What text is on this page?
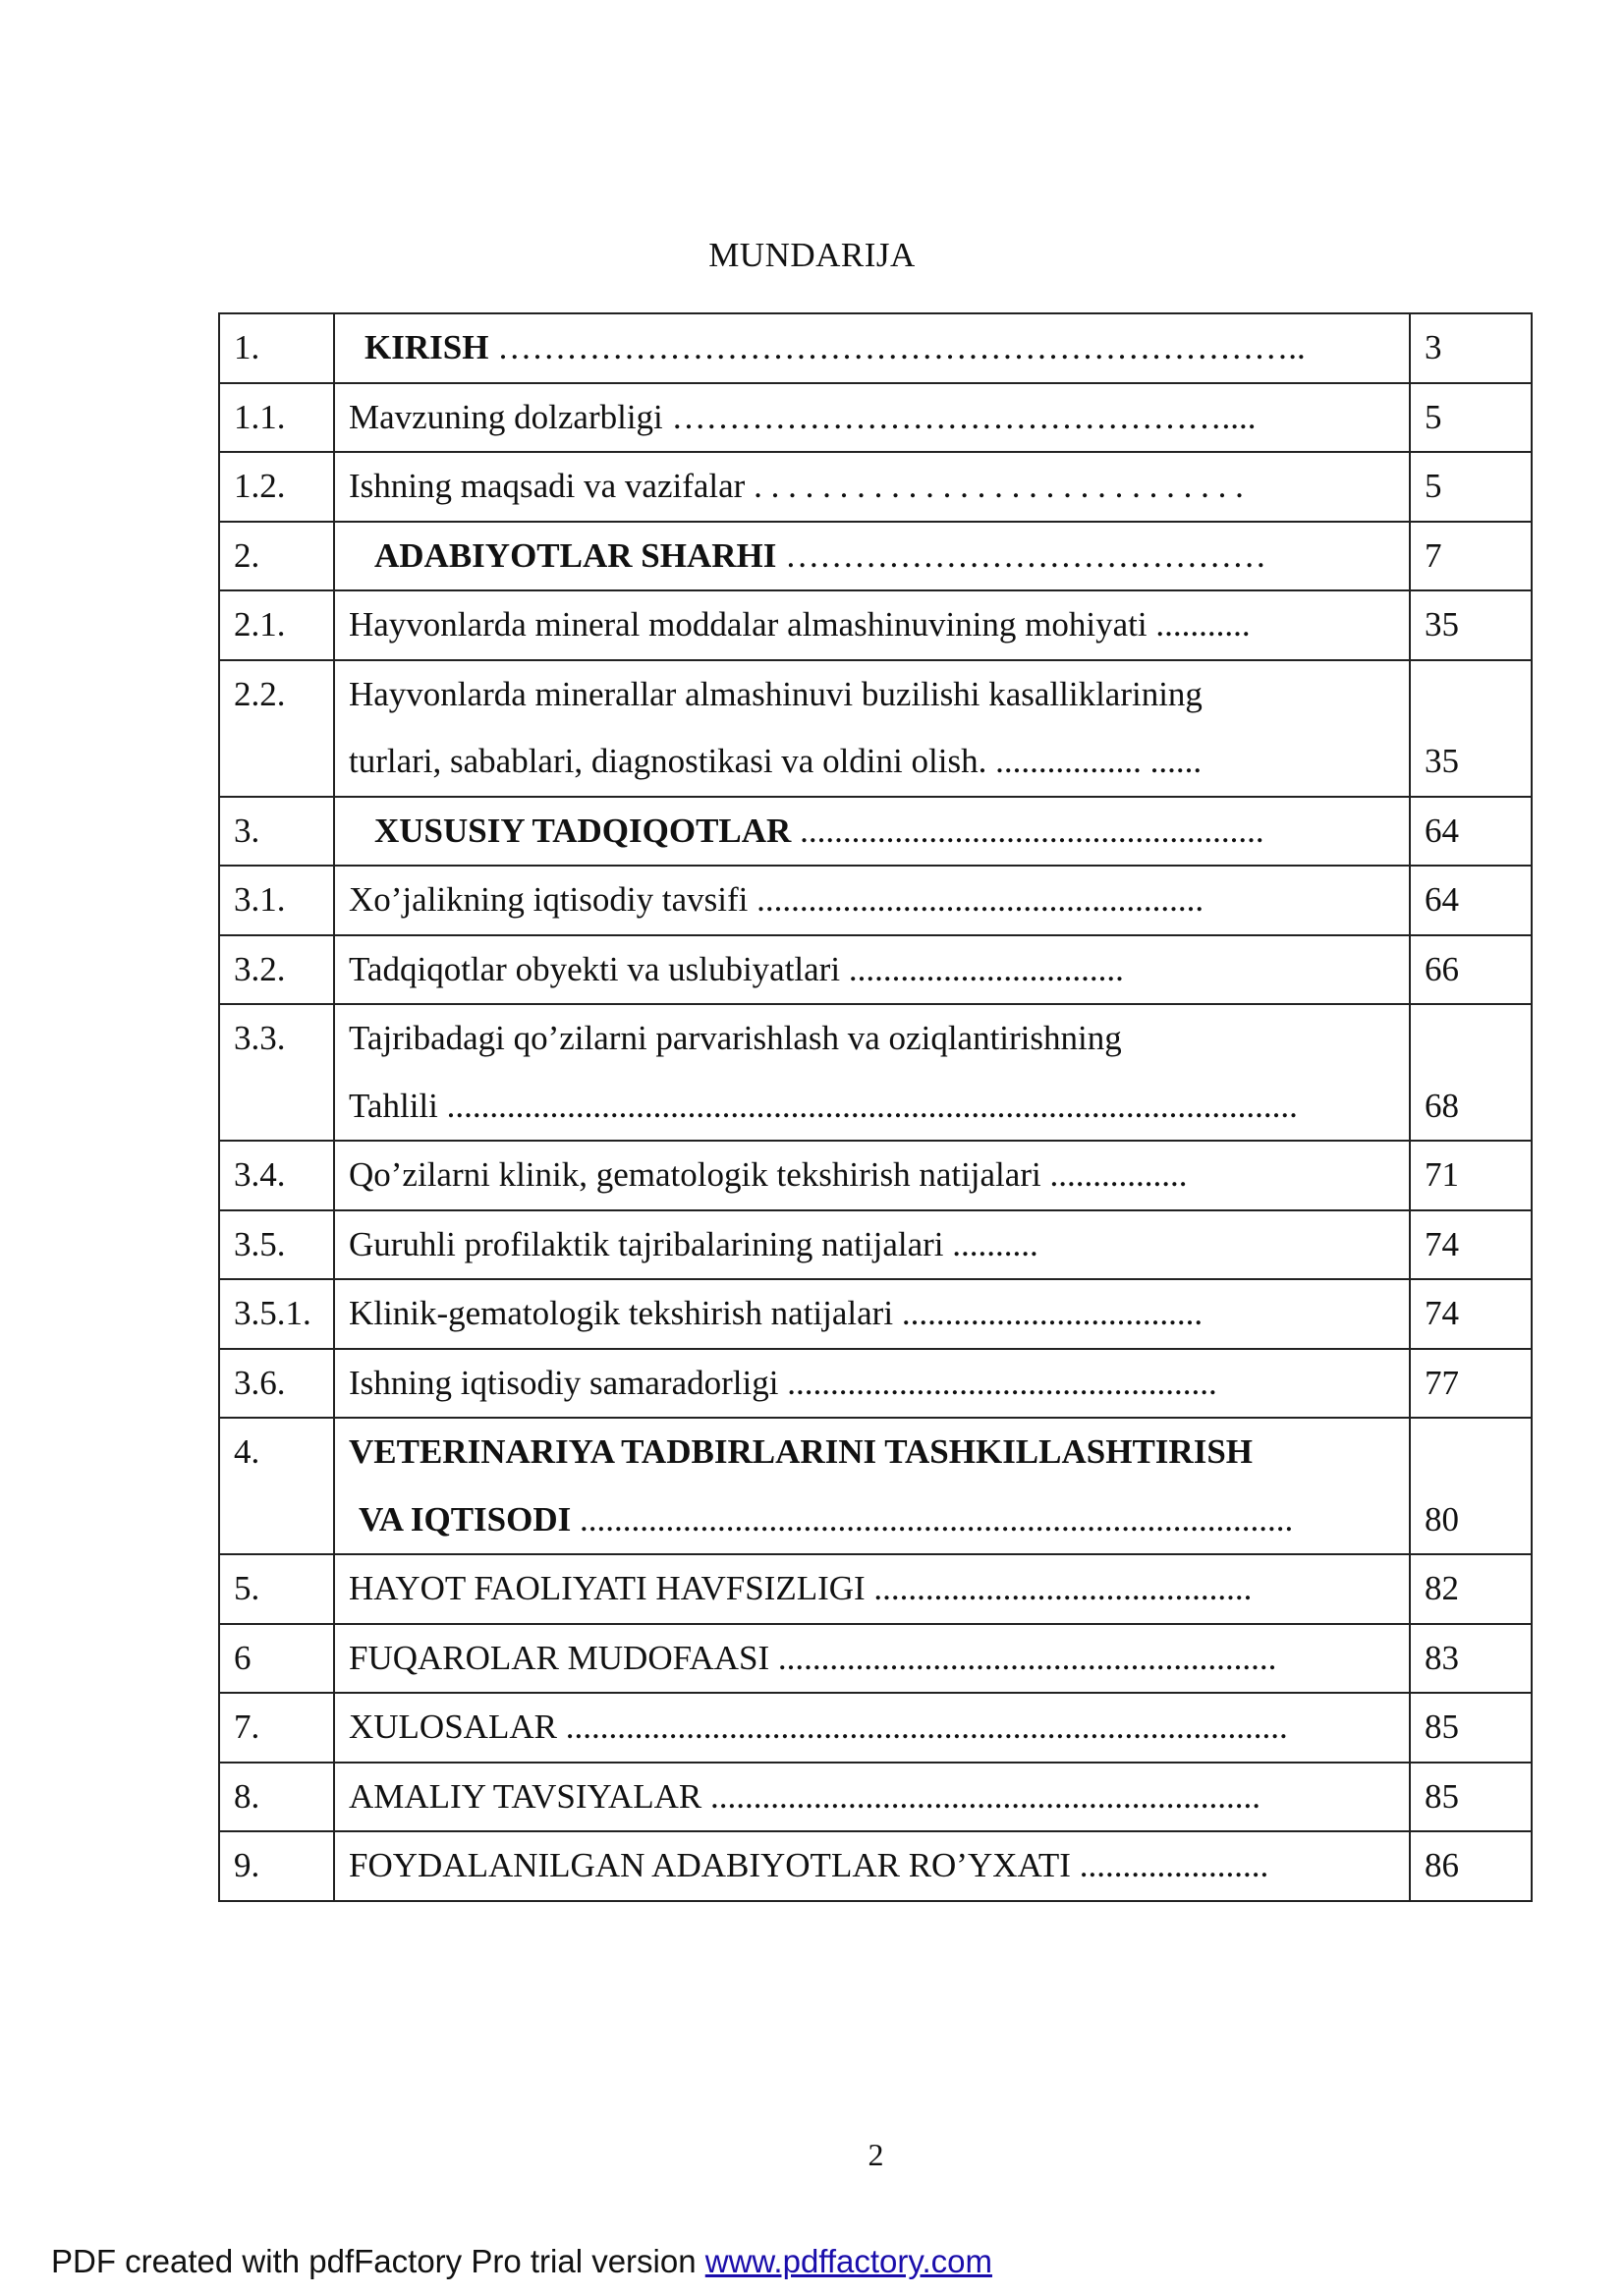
MUNDARIJA
1.	KIRISH ……………………………………………………………..	3
1.1.	Mavzuning dolzarbligi …………………………………………....	5
1.2.	Ishning maqsadi va vazifalar . . . . . . . . . . . . . . . . . . . . . . . . . . . . .	5
2.	ADABIYOTLAR SHARHI ……………………………………	7
2.1.	Hayvonlarda mineral moddalar almashinuvining mohiyati ...........	35
2.2.	Hayvonlarda minerallar almashinuvi buzilishi kasalliklarining
turlari, sabablari, diagnostikasi va oldini olish. ................. ......	35
3.	XUSUSIY TADQIQOTLAR ......................................................	64
3.1.	Xo’jalikning iqtisodiy tavsifi ....................................................	64
3.2.	Tadqiqotlar obyekti va uslubiyatlari ................................	66
3.3.	Tajribadagi qo’zilarni parvarishlash va oziqlantirishning
Tahlili ...................................................................................................	68
3.4.	Qo’zilarni klinik, gematologik tekshirish natijalari ................	71
3.5.	Guruhli profilaktik tajribalarining natijalari ..........	74
3.5.1.	Klinik-gematologik tekshirish natijalari ...................................	74
3.6.	Ishning iqtisodiy samaradorligi ..................................................	77
4.	VETERINARIYA TADBIRLARINI TASHKILLASHTIRISH
VA IQTISODI ...................................................................................	80
5.	HAYOT FAOLIYATI HAVFSIZLIGI ............................................	82
6	FUQAROLAR MUDOFAASI ..........................................................	83
7.	XULOSALAR ....................................................................................	85
8.	AMALIY TAVSIYALAR ................................................................	85
9.	FOYDALANILGAN ADABIYOTLAR RO’YXATI ......................	86
2
PDF created with pdfFactory Pro trial version www.pdffactory.com
